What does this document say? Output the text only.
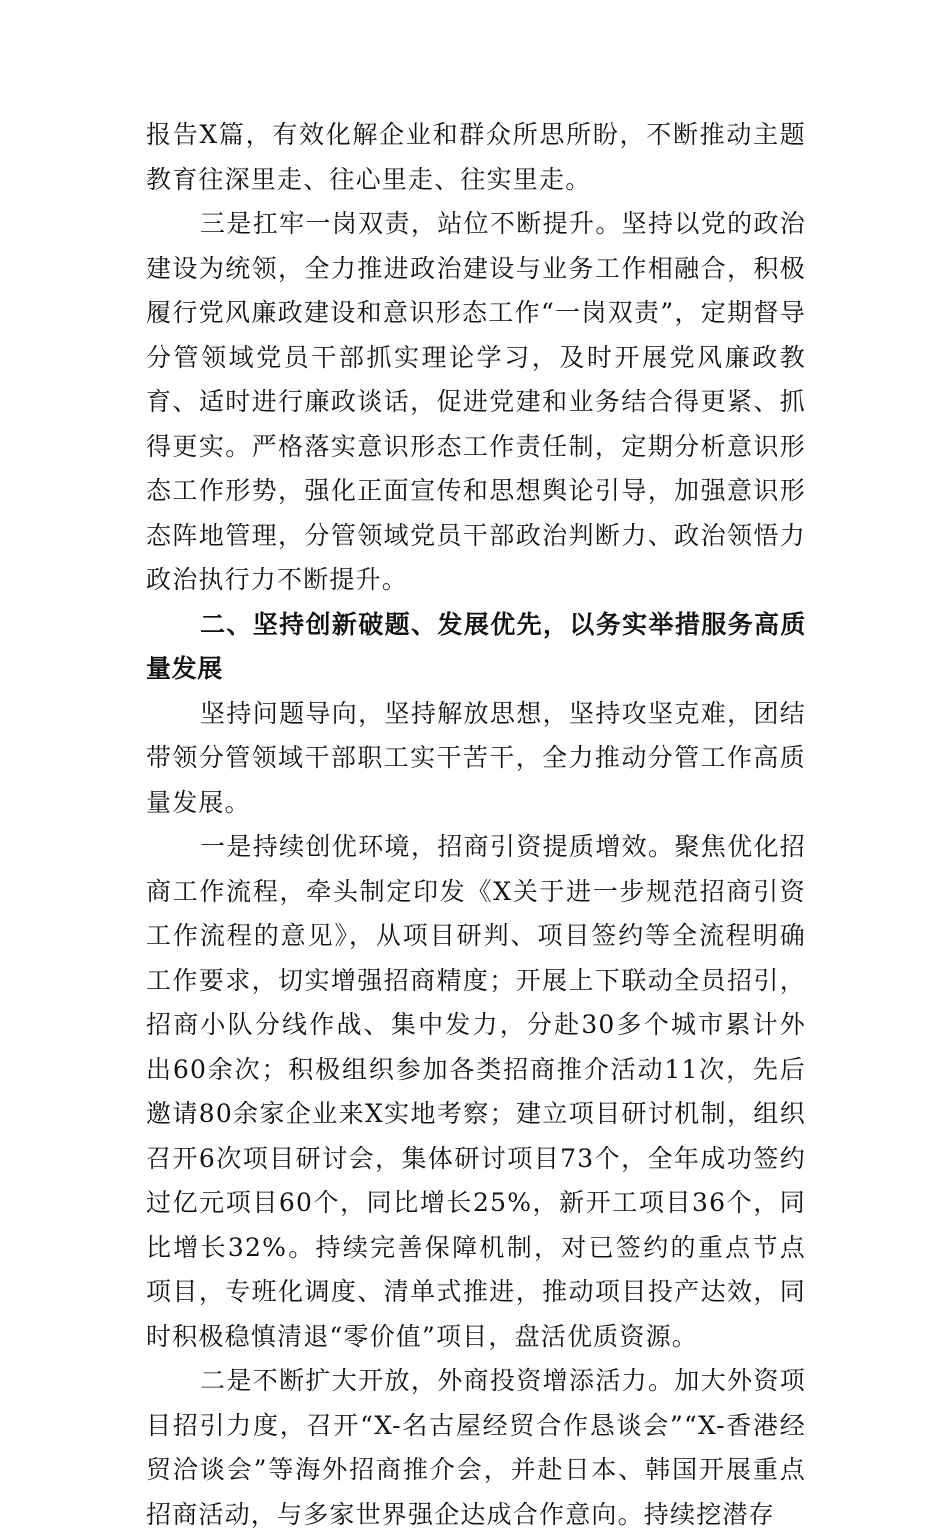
报告X篇，有效化解企业和群众所思所盼，不断推动主题教育往深里走、往心里走、往实里走。

三是扛牢一岗双责，站位不断提升。坚持以党的政治建设为统领，全力推进政治建设与业务工作相融合，积极履行党风廉政建设和意识形态工作“一岗双责”，定期督导分管领域党员干部抓实理论学习，及时开展党风廉政教育、适时进行廉政谈话，促进党建和业务结合得更紧、抓得更实。严格落实意识形态工作责任制，定期分析意识形态工作形势，强化正面宣传和思想舆论引导，加强意识形态阵地管理，分管领域党员干部政治判断力、政治领悟力政治执行力不断提升。

二、坚持创新破题、发展优先，以务实举措服务高质量发展

坚持问题导向，坚持解放思想，坚持攻坚克难，团结带领分管领域干部职工实干苦干，全力推动分管工作高质量发展。

一是持续创优环境，招商引资提质增效。聚焦优化招商工作流程，牵头制定印发《X关于进一步规范招商引资工作流程的意见》，从项目研判、项目签约等全流程明确工作要求，切实增强招商精度；开展上下联动全员招引，招商小队分线作战、集中发力，分赴30多个城市累计外出60余次；积极组织参加各类招商推介活动11次，先后邀请80余家企业来X实地考察；建立项目研讨机制，组织召开6次项目研讨会，集体研讨项目73个，全年成功签约过亿元项目60个，同比增长25%，新开工项目36个，同比增长32%。持续完善保障机制，对已签约的重点节点项目，专班化调度、清单式推进，推动项目投产达效，同时积极稳慎清退“零价值”项目，盘活优质资源。

二是不断扩大开放，外商投资增添活力。加大外资项目招引力度，召开“X-名古屋经贸合作恳谈会”“X-香港经贸洽谈会”等海外招商推介会，并赴日本、韩国开展重点招商活动，与多家世界强企达成合作意向。持续挖潜存
